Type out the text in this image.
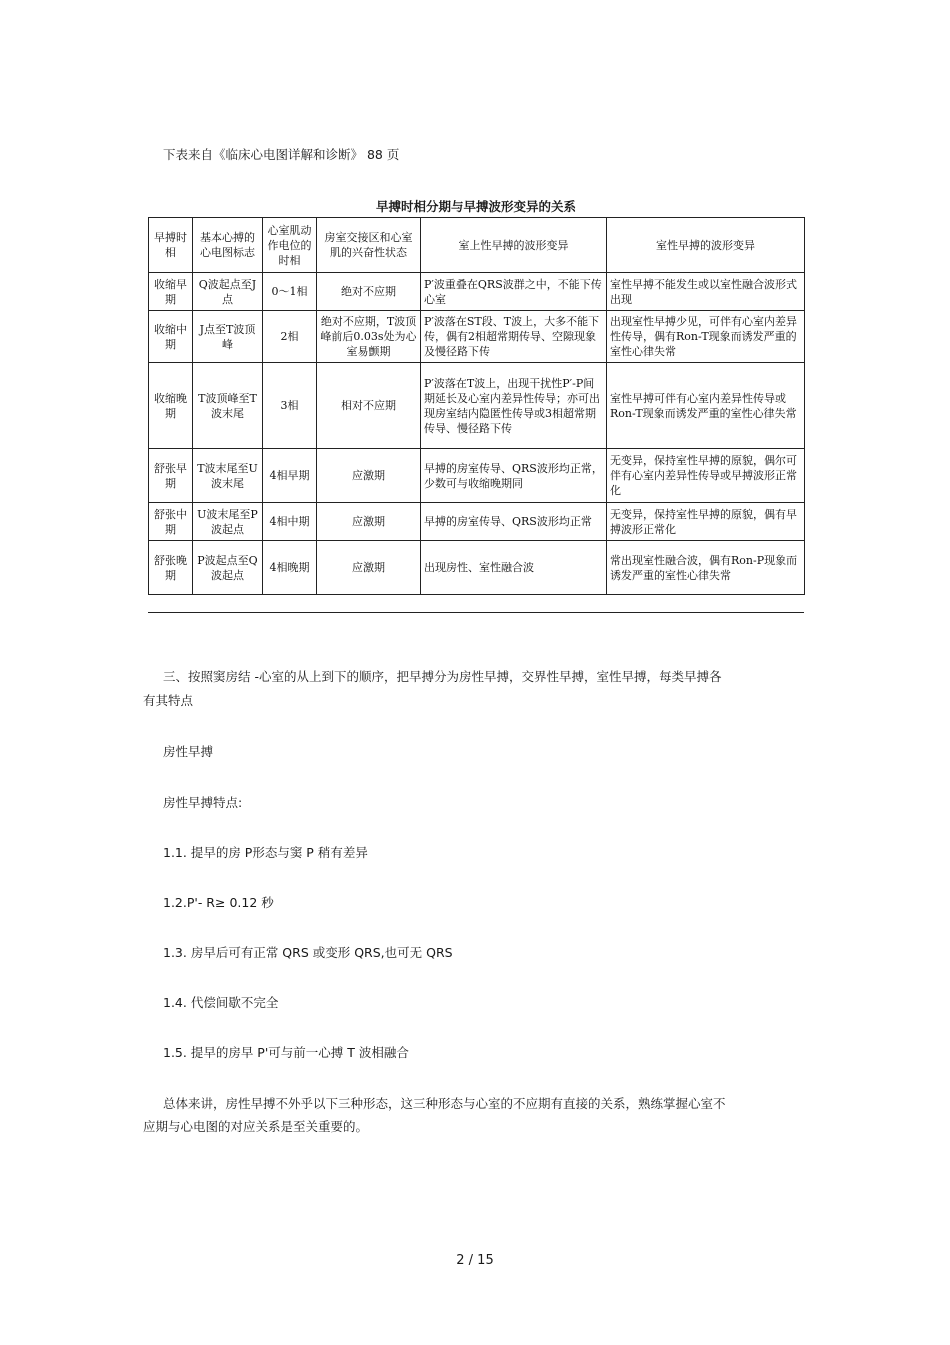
下表来自《临床心电图详解和诊断》 88 页
早搏时相分期与早搏波形变异的关系
早搏时相	基本心搏的心电图标志	心室肌动作电位的时相	房室交接区和心室肌的兴奋性状态	室上性早搏的波形变异	室性早搏的波形变异
收缩早期	Q波起点至J点	0～1相	绝对不应期	P′波重叠在QRS波群之中，不能下传心室	室性早搏不能发生或以室性融合波形式出现
收缩中期	J点至T波顶峰	2相	绝对不应期，T波顶峰前后0.03s处为心室易颤期	P′波落在ST段、T波上，大多不能下传，偶有2相超常期传导、空隙现象及慢径路下传	出现室性早搏少见，可伴有心室内差异性传导，偶有Ron-T现象而诱发严重的室性心律失常
收缩晚期	T波顶峰至T波末尾	3相	相对不应期	P′波落在T波上，出现干扰性P′-P间期延长及心室内差异性传导；亦可出现房室结内隐匿性传导或3相超常期传导、慢径路下传	室性早搏可伴有心室内差异性传导或Ron-T现象而诱发严重的室性心律失常
舒张早期	T波末尾至U波末尾	4相早期	应激期	早搏的房室传导、QRS波形均正常，少数可与收缩晚期同	无变异，保持室性早搏的原貌，偶尔可伴有心室内差异性传导或早搏波形正常化
舒张中期	U波末尾至P波起点	4相中期	应激期	早搏的房室传导、QRS波形均正常	无变异，保持室性早搏的原貌，偶有早搏波形正常化
舒张晚期	P波起点至Q波起点	4相晚期	应激期	出现房性、室性融合波	常出现室性融合波，偶有Ron-P现象而诱发严重的室性心律失常
三、按照窦房结 -心室的从上到下的顺序，把早搏分为房性早搏，交界性早搏，室性早搏，每类早搏各
有其特点
房性早搏
房性早搏特点:
1.1. 提早的房 P形态与窦 P 稍有差异
1.2.P'- R≥ 0.12 秒
1.3. 房早后可有正常 QRS 或变形 QRS,也可无 QRS
1.4. 代偿间歇不完全
1.5. 提早的房早 P'可与前一心搏 T 波相融合
总体来讲，房性早搏不外乎以下三种形态，这三种形态与心室的不应期有直接的关系，熟练掌握心室不
应期与心电图的对应关系是至关重要的。
2 / 15
